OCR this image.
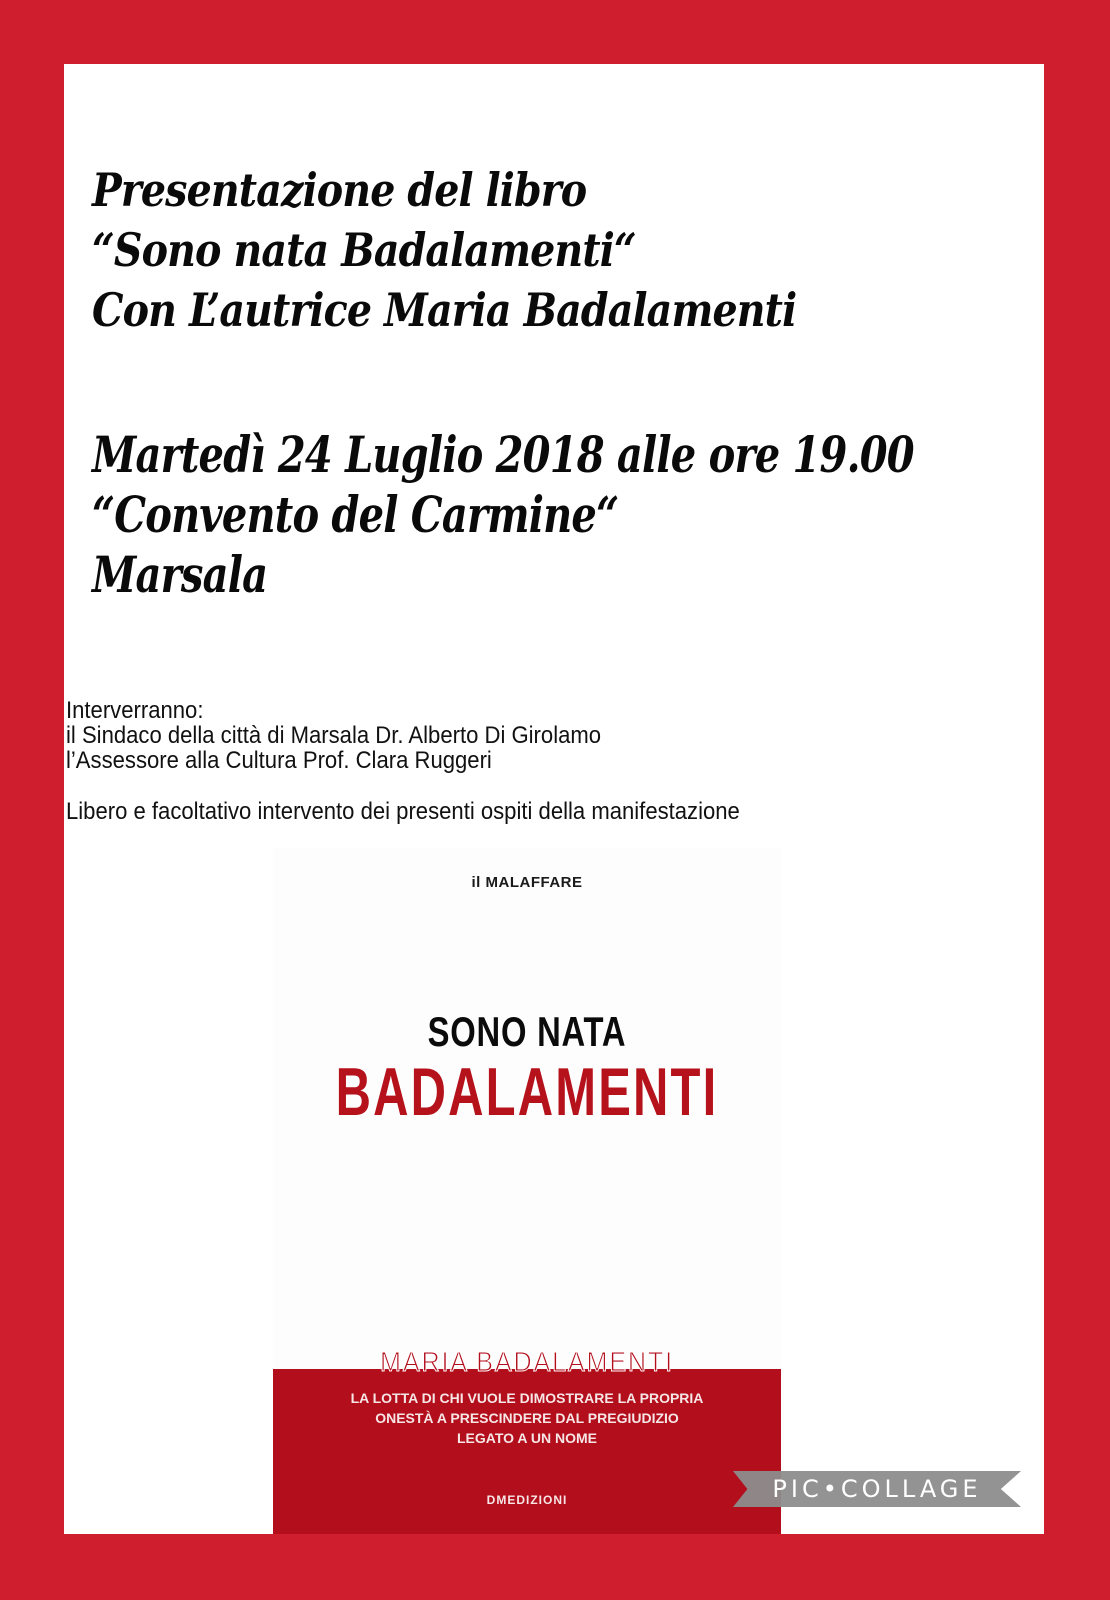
Presentazione del libro
“Sono nata Badalamenti“
Con L’autrice Maria Badalamenti
Martedì 24 Luglio 2018 alle ore 19.00
“Convento del Carmine“
Marsala
Interverranno:
il Sindaco della città di Marsala Dr. Alberto Di Girolamo
l’Assessore alla Cultura Prof. Clara Ruggeri
Libero e facoltativo intervento dei presenti ospiti della manifestazione
il MALAFFARE
SONO NATA
BADALAMENTI
MARIA BADALAMENTI
LA LOTTA DI CHI VUOLE DIMOSTRARE LA PROPRIA
ONESTÀ A PRESCINDERE DAL PREGIUDIZIO
LEGATO A UN NOME
DMEDIZIONI	PIC•COLLAGE
